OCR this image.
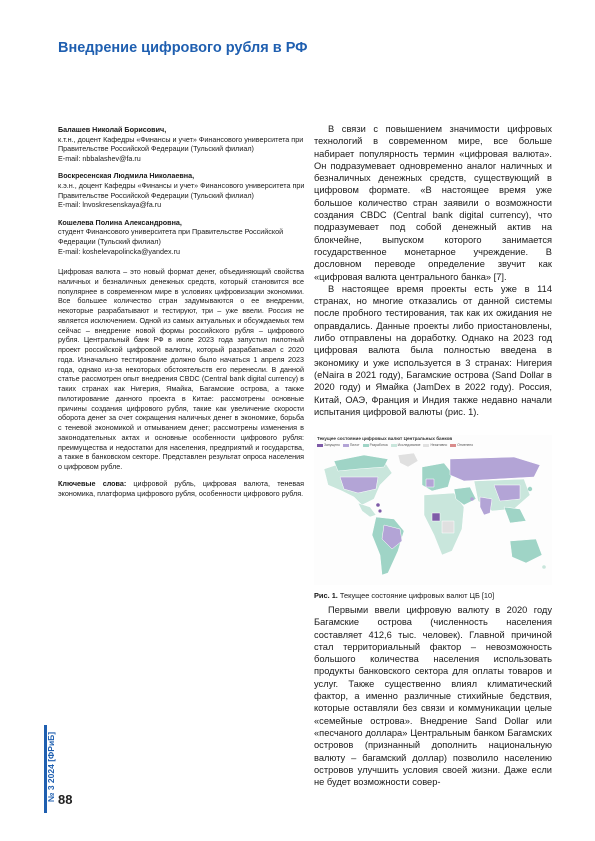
Внедрение цифрового рубля в РФ
Балашев Николай Борисович,

к.т.н., доцент Кафедры «Финансы и учет» Финансового университета при Правительстве Российской Федерации (Тульский филиал)

E-mail: nbbalashev@fa.ru

Воскресенская Людмила Николаевна,

к.э.н., доцент Кафедры «Финансы и учет» Финансового университета при Правительстве Российской Федерации (Тульский филиал)

E-mail: lnvoskresenskaya@fa.ru

Кошелева Полина Александровна,

студент Финансового университета при Правительстве Российской Федерации (Тульский филиал)

E-mail: koshelevapolincka@yandex.ru

Цифровая валюта – это новый формат денег, объединяющий свойства наличных и безналичных денежных средств, который становится все популярнее в современном мире в условиях цифровизации экономики. Все большее количество стран задумываются о ее внедрении, некоторые разрабатывают и тестируют, три – уже ввели. Россия не является исключением. Одной из самых актуальных и обсуждаемых тем сейчас – внедрение новой формы российского рубля – цифрового рубля. Центральный банк РФ в июле 2023 года запустил пилотный проект российской цифровой валюты, который разрабатывал с 2020 года. Изначально тестирование должно было начаться 1 апреля 2023 года, однако из-за некоторых обстоятельств его перенесли. В данной статье рассмотрен опыт внедрения CBDC (Central bank digital currency) в таких странах как Нигерия, Ямайка, Багамские острова, а также пилотирование данного проекта в Китае: рассмотрены основные причины создания цифрового рубля, такие как увеличение скорости оборота денег за счет сокращения наличных денег в экономике, борьба с теневой экономикой и отмыванием денег; рассмотрены изменения в законодательных актах и основные особенности цифрового рубля: преимущества и недостатки для населения, предприятий и государства, а также в банковском секторе. Представлен результат опроса населения о цифровом рубле.

Ключевые слова: цифровой рубль, цифровая валюта, теневая экономика, платформа цифрового рубля, особенности цифрового рубля.

В связи с повышением значимости цифровых технологий в современном мире, все больше набирает популярность термин «цифровая валюта». Он подразумевает одновременно аналог наличных и безналичных денежных средств, существующий в цифровом формате. «В настоящее время уже большое количество стран заявили о возможности создания CBDC (Central bank digital currency), что подразумевает под собой денежный актив на блокчейне, выпуском которого занимается государственное монетарное учреждение. В дословном переводе определение звучит как «цифровая валюта центрального банка» [7].

В настоящее время проекты есть уже в 114 странах, но многие отказались от данной системы после пробного тестирования, так как их ожидания не оправдались. Данные проекты либо приостановлены, либо отправлены на доработку. Однако на 2023 год цифровая валюта была полностью введена в экономику и уже используется в 3 странах: Нигерия (eNaira в 2021 году), Багамские острова (Sand Dollar в 2020 году) и Ямайка (JamDex в 2022 году). Россия, Китай, ОАЭ, Франция и Индия также недавно начали испытания цифровой валюты (рис. 1).

Текущее состояние цифровых валют Центральных банков
Запущено	Пилот	Разработка	Исследование	Неактивно	Отменено
Рис. 1. Текущее состояние цифровых валют ЦБ [10]

Первыми ввели цифровую валюту в 2020 году Багамские острова (численность населения составляет 412,6 тыс. человек). Главной причиной стал территориальный фактор – невозможность большого количества населения использовать продукты банковского сектора для оплаты товаров и услуг. Также существенно влиял климатический фактор, а именно различные стихийные бедствия, которые оставляли без связи и коммуникации целые «семейные острова». Внедрение Sand Dollar или «песчаного доллара» Центральным банком Багамских островов (признанный дополнить национальную валюту – багамский доллар) позволило населению островов улучшить условия своей жизни. Даже если не будет возможности совер-

№ 3 2024 [ФРиБ] 88
